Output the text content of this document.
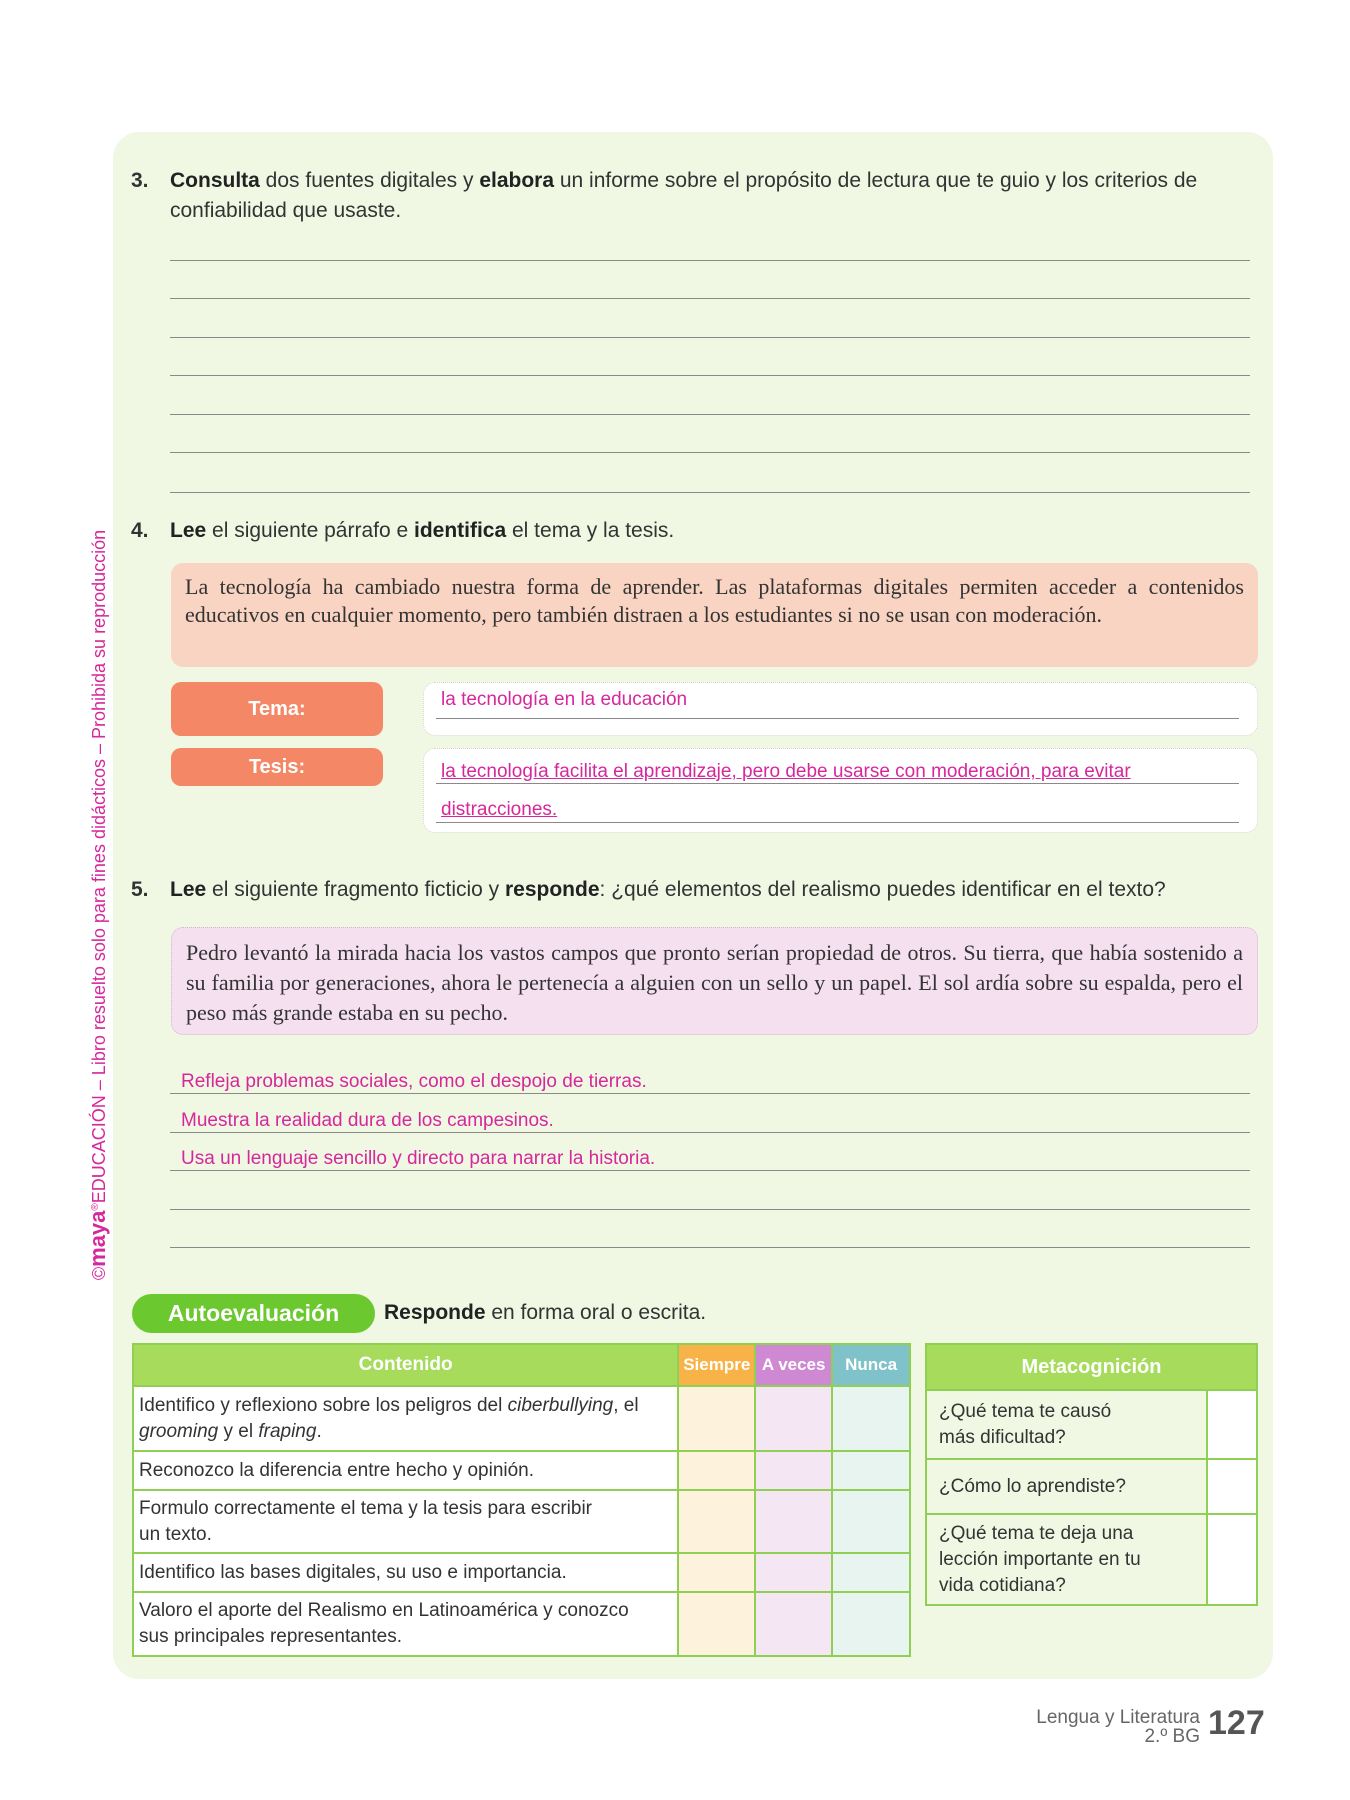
©maya®EDUCACIÓN – Libro resuelto solo para fines didácticos – Prohibida su reproducción
3. Consulta dos fuentes digitales y elabora un informe sobre el propósito de lectura que te guio y los criterios de confiabilidad que usaste.
4. Lee el siguiente párrafo e identifica el tema y la tesis.
La tecnología ha cambiado nuestra forma de aprender. Las plataformas digitales permiten acceder a contenidos educativos en cualquier momento, pero también distraen a los estudiantes si no se usan con moderación.
Tema:	la tecnología en la educación
Tesis:	la tecnología facilita el aprendizaje, pero debe usarse con moderación, para evitar
distracciones.
5. Lee el siguiente fragmento ficticio y responde: ¿qué elementos del realismo puedes identificar en el texto?
Pedro levantó la mirada hacia los vastos campos que pronto serían propiedad de otros. Su tierra, que había sostenido a su familia por generaciones, ahora le pertenecía a alguien con un sello y un papel. El sol ardía sobre su espalda, pero el peso más grande estaba en su pecho.
Refleja problemas sociales, como el despojo de tierras.
Muestra la realidad dura de los campesinos.
Usa un lenguaje sencillo y directo para narrar la historia.
Autoevaluación	Responde en forma oral o escrita.
Contenido	Siempre	A veces	Nunca
Identifico y reflexiono sobre los peligros del ciberbullying, el grooming y el fraping.			
Reconozco la diferencia entre hecho y opinión.			
Formulo correctamente el tema y la tesis para escribir un texto.			
Identifico las bases digitales, su uso e importancia.			
Valoro el aporte del Realismo en Latinoamérica y conozco sus principales representantes.			
Metacognición	
¿Qué tema te causó más dificultad?	
¿Cómo lo aprendiste?	
¿Qué tema te deja una lección importante en tu vida cotidiana?	
Lengua y Literatura
2.º BG 127
